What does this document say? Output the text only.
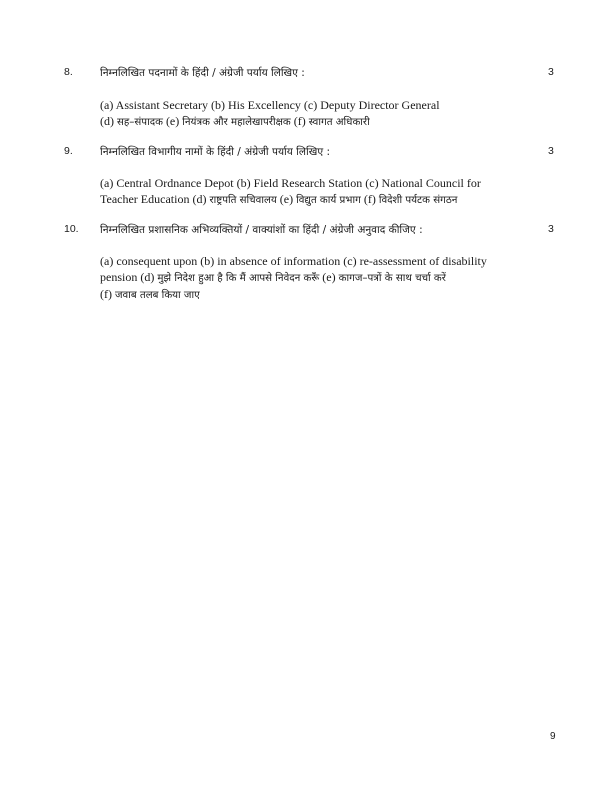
8.	निम्नलिखित पदनामों के हिंदी / अंग्रेजी पर्याय लिखिए :	3
(a) Assistant Secretary (b) His Excellency (c) Deputy Director General
(d) सह–संपादक (e) नियंत्रक और महालेखापरीक्षक (f) स्वागत अधिकारी
9.	निम्नलिखित विभागीय नामों के हिंदी / अंग्रेजी पर्याय लिखिए :	3
(a) Central Ordnance Depot (b) Field Research Station (c) National Council for
Teacher Education (d) राष्ट्रपति सचिवालय (e) विद्युत कार्य प्रभाग (f) विदेशी पर्यटक संगठन
10. निम्नलिखित प्रशासनिक अभिव्यक्तियों / वाक्यांशों का हिंदी / अंग्रेजी अनुवाद कीजिए :	3
(a) consequent upon (b) in absence of information (c) re-assessment of disability
pension (d) मुझे निदेश हुआ है कि मैं आपसे निवेदन करूँ (e) कागज–पत्रों के साथ चर्चा करें
(f) जवाब तलब किया जाए
9
